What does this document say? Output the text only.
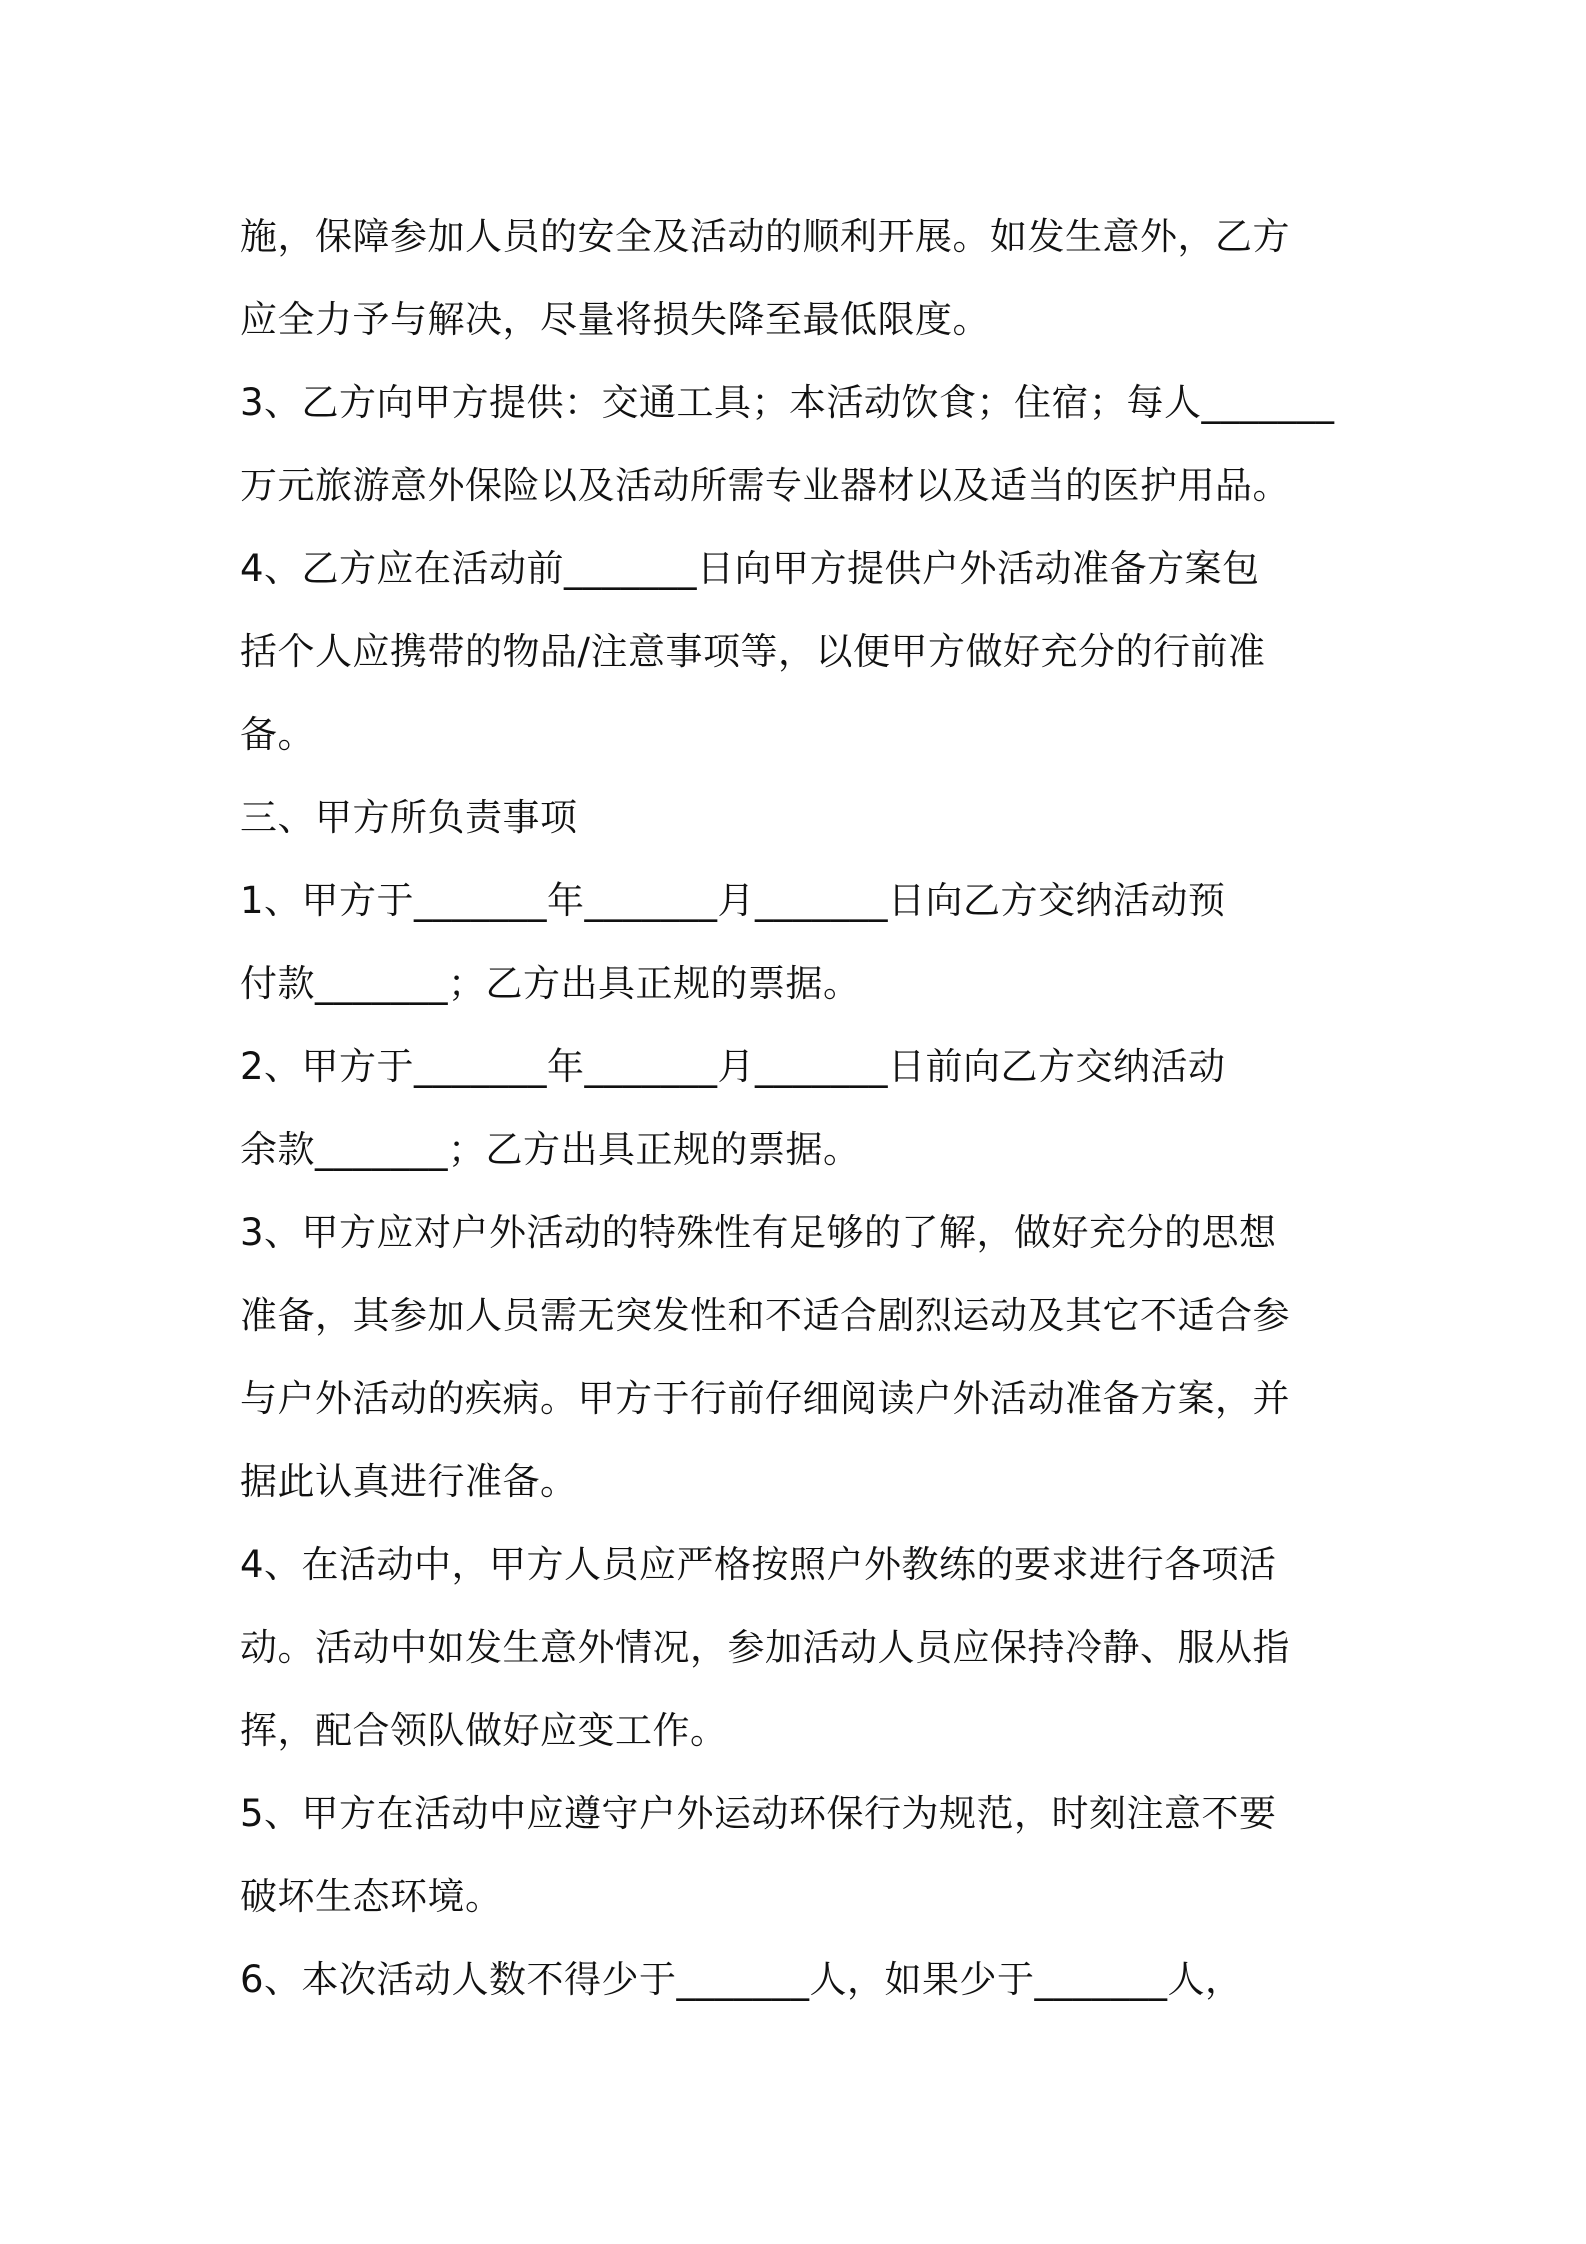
施，保障参加人员的安全及活动的顺利开展。如发生意外，乙方
应全力予与解决，尽量将损失降至最低限度。
3、乙方向甲方提供：交通工具；本活动饮食；住宿；每人_______
万元旅游意外保险以及活动所需专业器材以及适当的医护用品。
4、乙方应在活动前_______日向甲方提供户外活动准备方案包
括个人应携带的物品/注意事项等，以便甲方做好充分的行前准
备。
三、甲方所负责事项
1、甲方于_______年_______月_______日向乙方交纳活动预
付款_______；乙方出具正规的票据。
2、甲方于_______年_______月_______日前向乙方交纳活动
余款_______；乙方出具正规的票据。
3、甲方应对户外活动的特殊性有足够的了解，做好充分的思想
准备，其参加人员需无突发性和不适合剧烈运动及其它不适合参
与户外活动的疾病。甲方于行前仔细阅读户外活动准备方案，并
据此认真进行准备。
4、在活动中，甲方人员应严格按照户外教练的要求进行各项活
动。活动中如发生意外情况，参加活动人员应保持冷静、服从指
挥，配合领队做好应变工作。
5、甲方在活动中应遵守户外运动环保行为规范，时刻注意不要
破坏生态环境。
6、本次活动人数不得少于_______人，如果少于_______人，
